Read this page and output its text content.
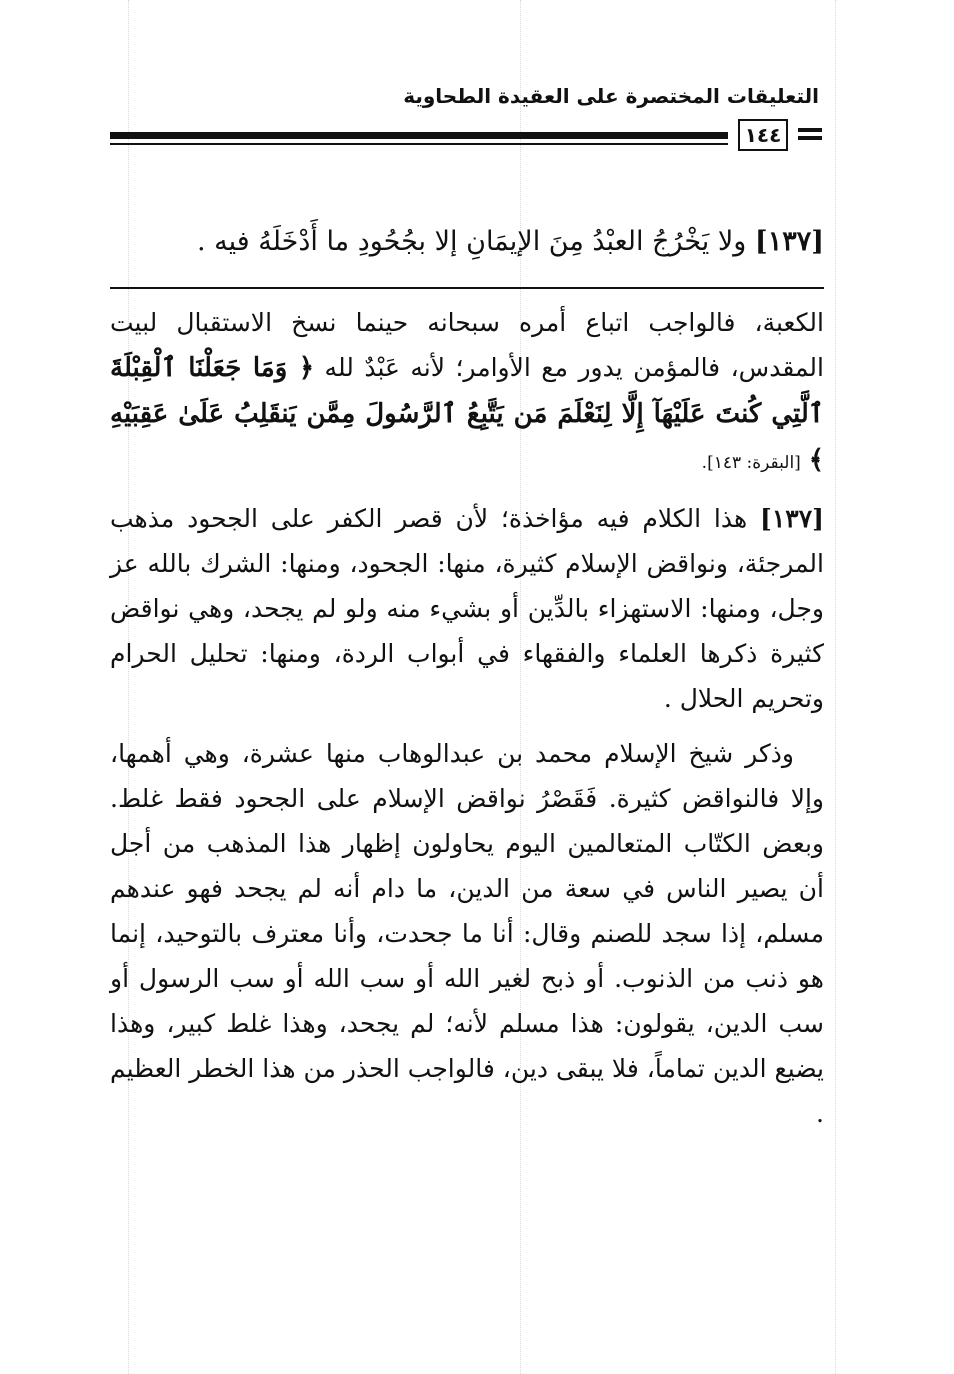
التعليقات المختصرة على العقيدة الطحاوية
١٤٤
[١٣٧] ولا يَخْرُجُ العبْدُ مِنَ الإيمَانِ إلا بجُحُودِ ما أَدْخَلَهُ فيه .

الكعبة، فالواجب اتباع أمره سبحانه حينما نسخ الاستقبال لبيت المقدس، فالمؤمن يدور مع الأوامر؛ لأنه عَبْدٌ لله ﴿ وَمَا جَعَلْنَا ٱلْقِبْلَةَ ٱلَّتِي كُنتَ عَلَيْهَآ إِلَّا لِنَعْلَمَ مَن يَتَّبِعُ ٱلرَّسُولَ مِمَّن يَنقَلِبُ عَلَىٰ عَقِبَيْهِ ﴾ [البقرة: ١٤٣].

[١٣٧] هذا الكلام فيه مؤاخذة؛ لأن قصر الكفر على الجحود مذهب المرجئة، ونواقض الإسلام كثيرة، منها: الجحود، ومنها: الشرك بالله عز وجل، ومنها: الاستهزاء بالدِّين أو بشيء منه ولو لم يجحد، وهي نواقض كثيرة ذكرها العلماء والفقهاء في أبواب الردة، ومنها: تحليل الحرام وتحريم الحلال .

وذكر شيخ الإسلام محمد بن عبدالوهاب منها عشرة، وهي أهمها، وإلا فالنواقض كثيرة. فَقَصْرُ نواقض الإسلام على الجحود فقط غلط. وبعض الكتّاب المتعالمين اليوم يحاولون إظهار هذا المذهب من أجل أن يصير الناس في سعة من الدين، ما دام أنه لم يجحد فهو عندهم مسلم، إذا سجد للصنم وقال: أنا ما جحدت، وأنا معترف بالتوحيد، إنما هو ذنب من الذنوب. أو ذبح لغير الله أو سب الله أو سب الرسول أو سب الدين، يقولون: هذا مسلم لأنه؛ لم يجحد، وهذا غلط كبير، وهذا يضيع الدين تماماً، فلا يبقى دين، فالواجب الحذر من هذا الخطر العظيم .
